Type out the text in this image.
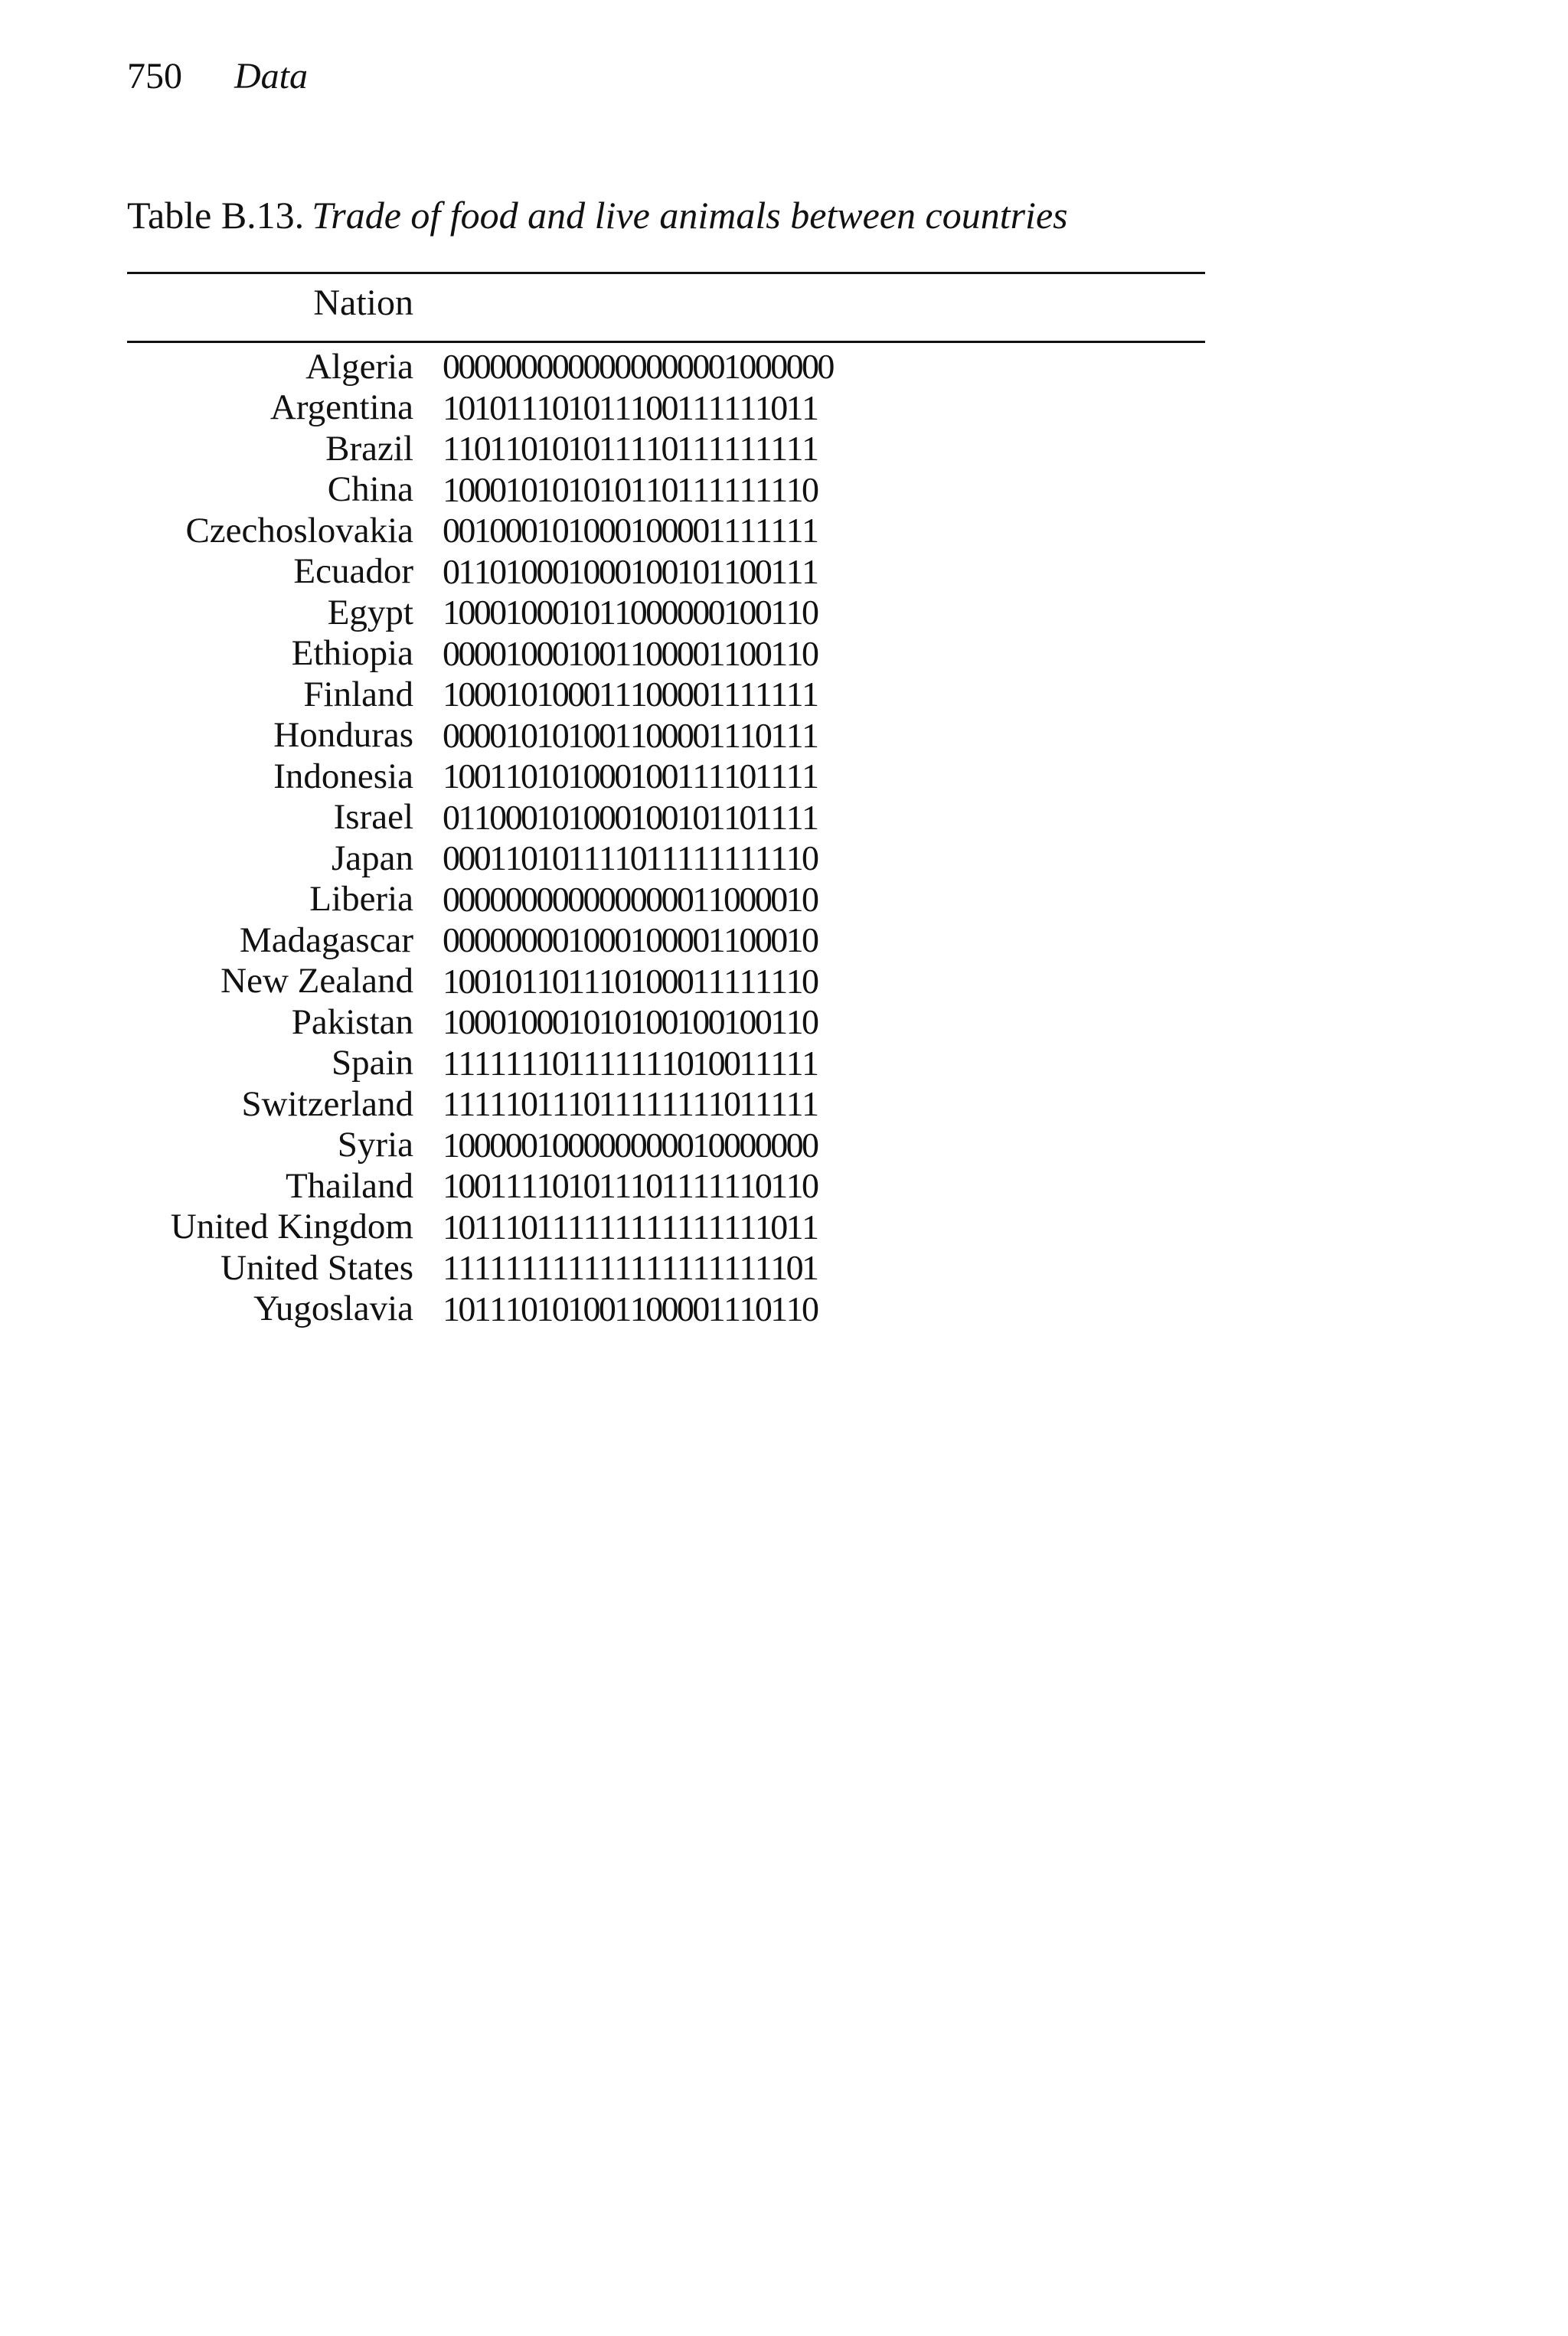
750 Data
Table B.13. Trade of food and live animals between countries
Nation
Algeria 0
0
0
0
0
0
0
0
0
0
0
0
0
0
0
0
0
0
1
0
0
0
0
0
0
Argentina 1
0
1
0
1
1
1
0
1
0
1
1
1
0
0
1
1
1
1
1
1
0
1
1
Brazil 1
1
0
1
1
0
1
0
1
0
1
1
1
1
0
1
1
1
1
1
1
1
1
1
China 1
0
0
0
1
0
1
0
1
0
1
0
1
1
0
1
1
1
1
1
1
1
1
0
Czechoslovakia 0
0
1
0
0
0
1
0
1
0
0
0
1
0
0
0
0
1
1
1
1
1
1
1
Ecuador 0
1
1
0
1
0
0
0
1
0
0
0
1
0
0
1
0
1
1
0
0
1
1
1
Egypt 1
0
0
0
1
0
0
0
1
0
1
1
0
0
0
0
0
0
1
0
0
1
1
0
Ethiopia 0
0
0
0
1
0
0
0
1
0
0
1
1
0
0
0
0
1
1
0
0
1
1
0
Finland 1
0
0
0
1
0
1
0
0
0
1
1
1
0
0
0
0
1
1
1
1
1
1
1
Honduras 0
0
0
0
1
0
1
0
1
0
0
1
1
0
0
0
0
1
1
1
0
1
1
1
Indonesia 1
0
0
1
1
0
1
0
1
0
0
0
1
0
0
1
1
1
1
0
1
1
1
1
Israel 0
1
1
0
0
0
1
0
1
0
0
0
1
0
0
1
0
1
1
0
1
1
1
1
Japan 0
0
0
1
1
0
1
0
1
1
1
1
0
1
1
1
1
1
1
1
1
1
1
0
Liberia 0
0
0
0
0
0
0
0
0
0
0
0
0
0
0
0
1
1
0
0
0
0
1
0
Madagascar 0
0
0
0
0
0
0
0
1
0
0
0
1
0
0
0
0
1
1
0
0
0
1
0
New Zealand 1
0
0
1
0
1
1
0
1
1
1
0
1
0
0
0
1
1
1
1
1
1
1
0
Pakistan 1
0
0
0
1
0
0
0
1
0
1
0
1
0
0
1
0
0
1
0
0
1
1
0
Spain 1
1
1
1
1
1
1
0
1
1
1
1
1
1
1
0
1
0
0
1
1
1
1
1
Switzerland 1
1
1
1
1
0
1
1
1
0
1
1
1
1
1
1
1
1
0
1
1
1
1
1
Syria 1
0
0
0
0
0
1
0
0
0
0
0
0
0
0
0
1
0
0
0
0
0
0
0
Thailand 1
0
0
1
1
1
1
0
1
0
1
1
1
0
1
1
1
1
1
1
0
1
1
0
United Kingdom 1
0
1
1
1
0
1
1
1
1
1
1
1
1
1
1
1
1
1
1
1
0
1
1
United States 1
1
1
1
1
1
1
1
1
1
1
1
1
1
1
1
1
1
1
1
1
1
0
1
Yugoslavia 1
0
1
1
1
0
1
0
1
0
0
1
1
0
0
0
0
1
1
1
0
1
1
0
